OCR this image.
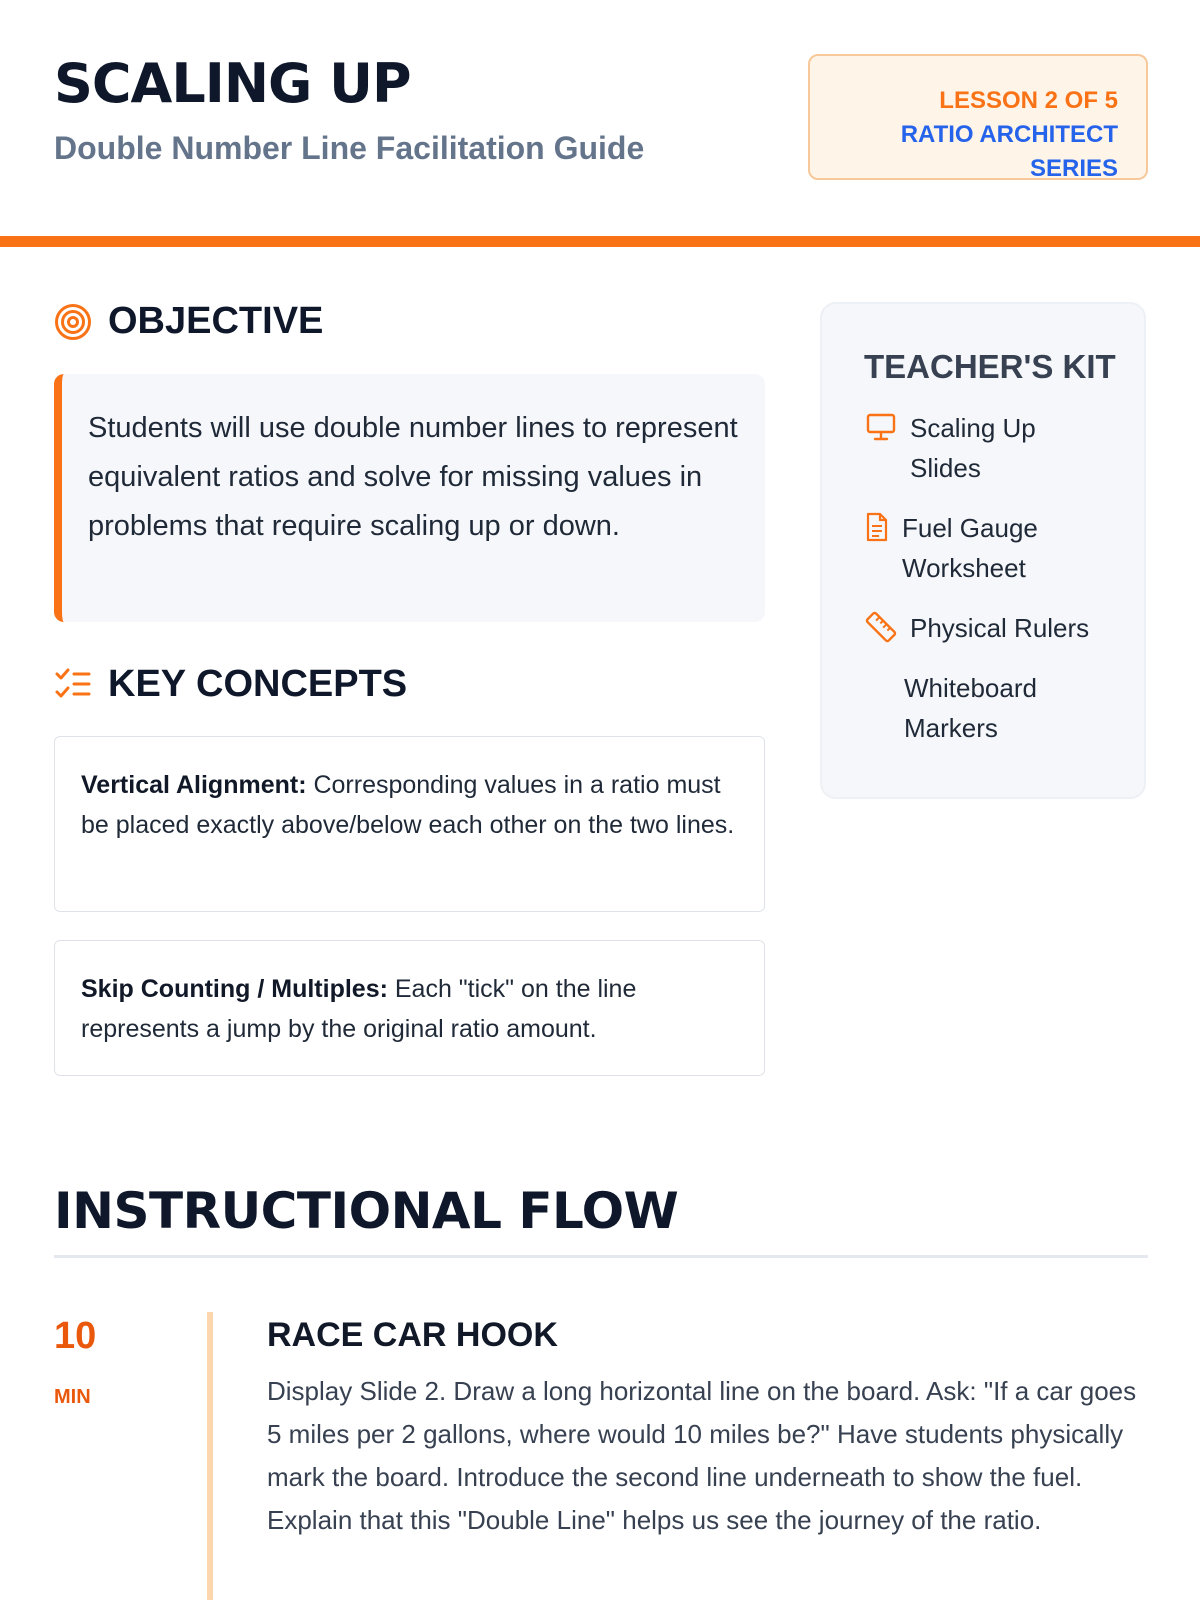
SCALING UP
Double Number Line Facilitation Guide
LESSON 2 OF 5
RATIO ARCHITECT SERIES
OBJECTIVE
Students will use double number lines to represent equivalent ratios and solve for missing values in problems that require scaling up or down.
KEY CONCEPTS
Vertical Alignment: Corresponding values in a ratio must be placed exactly above/below each other on the two lines.
Skip Counting / Multiples: Each "tick" on the line represents a jump by the original ratio amount.
TEACHER'S KIT
Scaling Up Slides
Fuel Gauge Worksheet
Physical Rulers
Whiteboard Markers
INSTRUCTIONAL FLOW
10
MIN
RACE CAR HOOK
Display Slide 2. Draw a long horizontal line on the board. Ask: "If a car goes 5 miles per 2 gallons, where would 10 miles be?" Have students physically mark the board. Introduce the second line underneath to show the fuel. Explain that this "Double Line" helps us see the journey of the ratio.
